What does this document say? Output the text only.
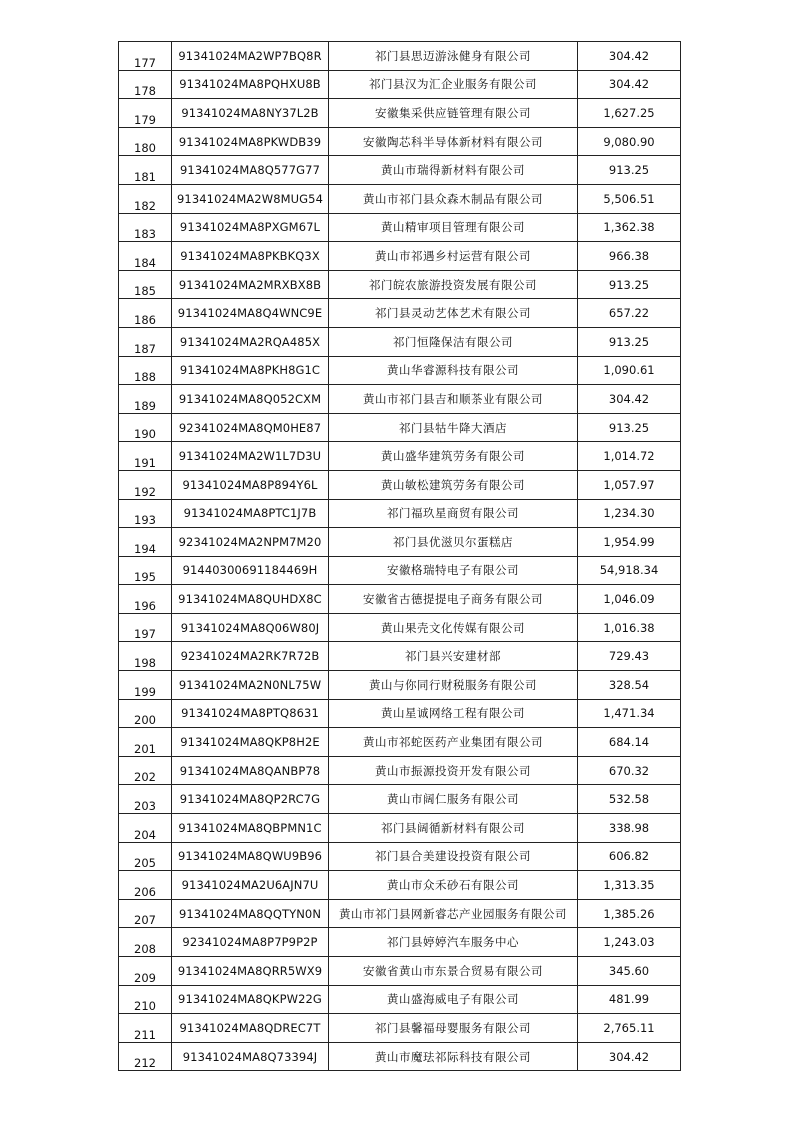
177	91341024MA2WP7BQ8R	祁门县思迈游泳健身有限公司	304.42
178	91341024MA8PQHXU8B	祁门县汉为汇企业服务有限公司	304.42
179	91341024MA8NY37L2B	安徽集采供应链管理有限公司	1,627.25
180	91341024MA8PKWDB39	安徽陶芯科半导体新材料有限公司	9,080.90
181	91341024MA8Q577G77	黄山市瑞得新材料有限公司	913.25
182	91341024MA2W8MUG54	黄山市祁门县众森木制品有限公司	5,506.51
183	91341024MA8PXGM67L	黄山精审项目管理有限公司	1,362.38
184	91341024MA8PKBKQ3X	黄山市祁遇乡村运营有限公司	966.38
185	91341024MA2MRXBX8B	祁门皖农旅游投资发展有限公司	913.25
186	91341024MA8Q4WNC9E	祁门县灵动艺体艺术有限公司	657.22
187	91341024MA2RQA485X	祁门恒隆保洁有限公司	913.25
188	91341024MA8PKH8G1C	黄山华睿源科技有限公司	1,090.61
189	91341024MA8Q052CXM	黄山市祁门县吉和顺茶业有限公司	304.42
190	92341024MA8QM0HE87	祁门县牯牛降大酒店	913.25
191	91341024MA2W1L7D3U	黄山盛华建筑劳务有限公司	1,014.72
192	91341024MA8P894Y6L	黄山敏松建筑劳务有限公司	1,057.97
193	91341024MA8PTC1J7B	祁门福玖星商贸有限公司	1,234.30
194	92341024MA2NPM7M20	祁门县优滋贝尔蛋糕店	1,954.99
195	91440300691184469H	安徽格瑞特电子有限公司	54,918.34
196	91341024MA8QUHDX8C	安徽省古德提提电子商务有限公司	1,046.09
197	91341024MA8Q06W80J	黄山果壳文化传媒有限公司	1,016.38
198	92341024MA2RK7R72B	祁门县兴安建材部	729.43
199	91341024MA2N0NL75W	黄山与你同行财税服务有限公司	328.54
200	91341024MA8PTQ8631	黄山星诚网络工程有限公司	1,471.34
201	91341024MA8QKP8H2E	黄山市祁蛇医药产业集团有限公司	684.14
202	91341024MA8QANBP78	黄山市振源投资开发有限公司	670.32
203	91341024MA8QP2RC7G	黄山市阔仁服务有限公司	532.58
204	91341024MA8QBPMN1C	祁门县阔循新材料有限公司	338.98
205	91341024MA8QWU9B96	祁门县合美建设投资有限公司	606.82
206	91341024MA2U6AJN7U	黄山市众禾砂石有限公司	1,313.35
207	91341024MA8QQTYN0N	黄山市祁门县网新睿芯产业园服务有限公司	1,385.26
208	92341024MA8P7P9P2P	祁门县婷婷汽车服务中心	1,243.03
209	91341024MA8QRR5WX9	安徽省黄山市东景合贸易有限公司	345.60
210	91341024MA8QKPW22G	黄山盛海威电子有限公司	481.99
211	91341024MA8QDREC7T	祁门县馨福母婴服务有限公司	2,765.11
212	91341024MA8Q73394J	黄山市魔珐祁际科技有限公司	304.42
